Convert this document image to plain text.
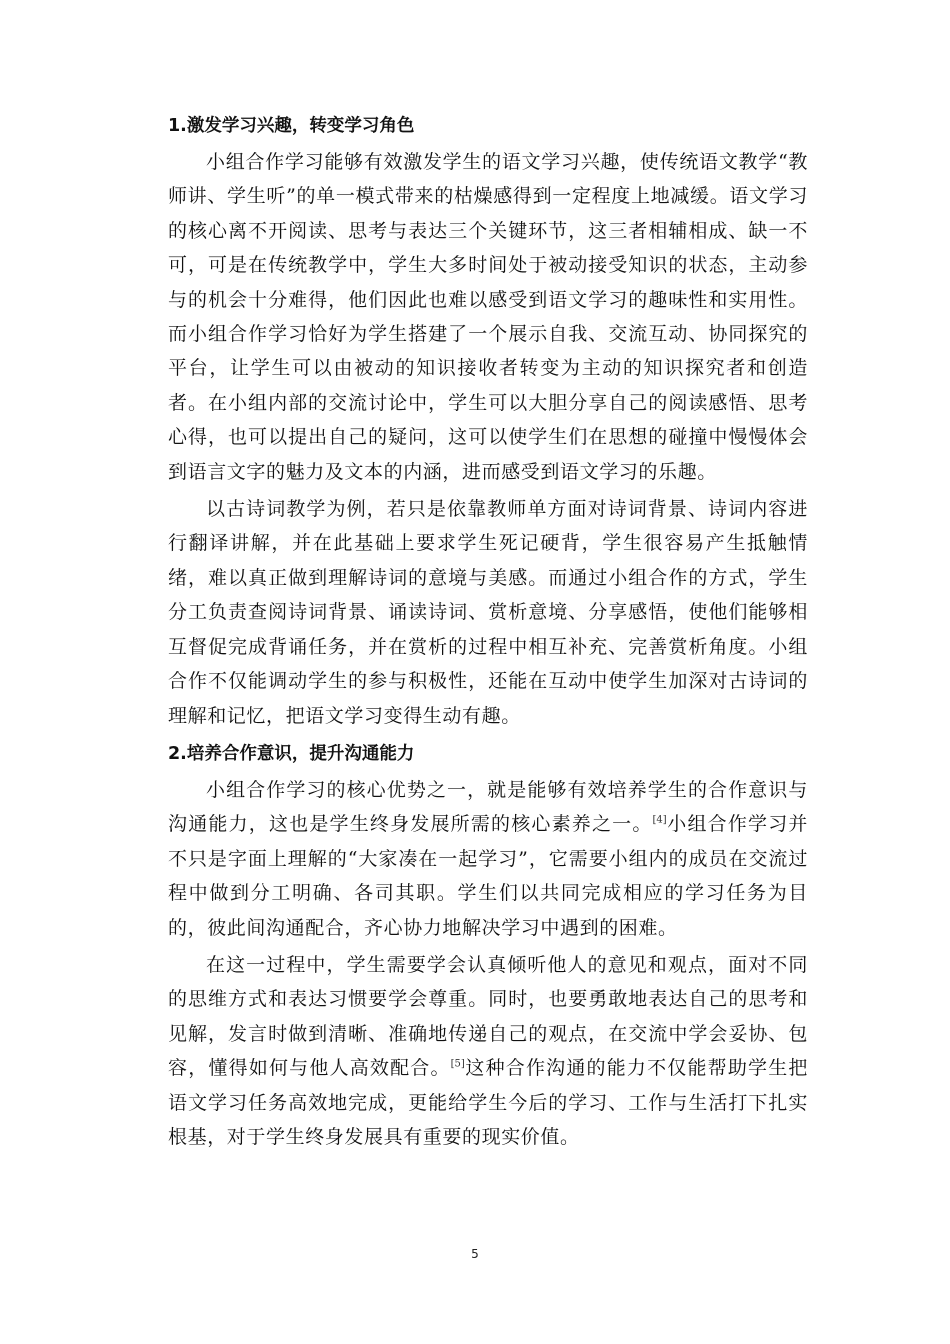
1.激发学习兴趣，转变学习角色

小组合作学习能够有效激发学生的语文学习兴趣，使传统语文教学“教师讲、学生听”的单一模式带来的枯燥感得到一定程度上地减缓。语文学习的核心离不开阅读、思考与表达三个关键环节，这三者相辅相成、缺一不可，可是在传统教学中，学生大多时间处于被动接受知识的状态，主动参与的机会十分难得，他们因此也难以感受到语文学习的趣味性和实用性。而小组合作学习恰好为学生搭建了一个展示自我、交流互动、协同探究的平台，让学生可以由被动的知识接收者转变为主动的知识探究者和创造者。在小组内部的交流讨论中，学生可以大胆分享自己的阅读感悟、思考心得，也可以提出自己的疑问，这可以使学生们在思想的碰撞中慢慢体会到语言文字的魅力及文本的内涵，进而感受到语文学习的乐趣。

以古诗词教学为例，若只是依靠教师单方面对诗词背景、诗词内容进行翻译讲解，并在此基础上要求学生死记硬背，学生很容易产生抵触情绪，难以真正做到理解诗词的意境与美感。而通过小组合作的方式，学生分工负责查阅诗词背景、诵读诗词、赏析意境、分享感悟，使他们能够相互督促完成背诵任务，并在赏析的过程中相互补充、完善赏析角度。小组合作不仅能调动学生的参与积极性，还能在互动中使学生加深对古诗词的理解和记忆，把语文学习变得生动有趣。

2.培养合作意识，提升沟通能力

小组合作学习的核心优势之一，就是能够有效培养学生的合作意识与沟通能力，这也是学生终身发展所需的核心素养之一。[4]小组合作学习并不只是字面上理解的“大家凑在一起学习”，它需要小组内的成员在交流过程中做到分工明确、各司其职。学生们以共同完成相应的学习任务为目的，彼此间沟通配合，齐心协力地解决学习中遇到的困难。

在这一过程中，学生需要学会认真倾听他人的意见和观点，面对不同的思维方式和表达习惯要学会尊重。同时，也要勇敢地表达自己的思考和见解，发言时做到清晰、准确地传递自己的观点，在交流中学会妥协、包容，懂得如何与他人高效配合。[5]这种合作沟通的能力不仅能帮助学生把语文学习任务高效地完成，更能给学生今后的学习、工作与生活打下扎实根基，对于学生终身发展具有重要的现实价值。

5
